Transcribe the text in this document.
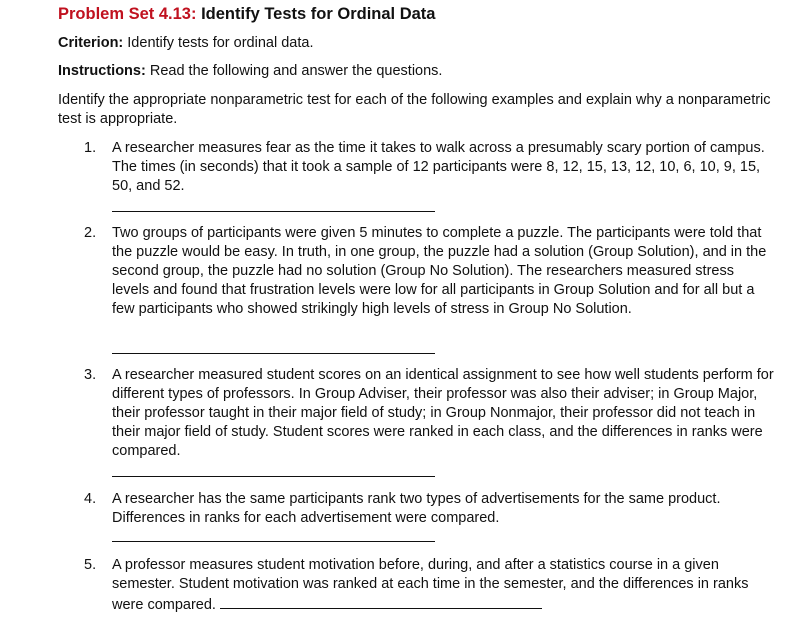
Problem Set 4.13: Identify Tests for Ordinal Data
Criterion: Identify tests for ordinal data.
Instructions: Read the following and answer the questions.
Identify the appropriate nonparametric test for each of the following examples and explain why a nonparametric test is appropriate.
1. A researcher measures fear as the time it takes to walk across a presumably scary portion of campus. The times (in seconds) that it took a sample of 12 participants were 8, 12, 15, 13, 12, 10, 6, 10, 9, 15, 50, and 52.
2. Two groups of participants were given 5 minutes to complete a puzzle. The participants were told that the puzzle would be easy. In truth, in one group, the puzzle had a solution (Group Solution), and in the second group, the puzzle had no solution (Group No Solution). The researchers measured stress levels and found that frustration levels were low for all participants in Group Solution and for all but a few participants who showed strikingly high levels of stress in Group No Solution.
3. A researcher measured student scores on an identical assignment to see how well students perform for different types of professors. In Group Adviser, their professor was also their adviser; in Group Major, their professor taught in their major field of study; in Group Nonmajor, their professor did not teach in their major field of study. Student scores were ranked in each class, and the differences in ranks were compared.
4. A researcher has the same participants rank two types of advertisements for the same product. Differences in ranks for each advertisement were compared.
5. A professor measures student motivation before, during, and after a statistics course in a given semester. Student motivation was ranked at each time in the semester, and the differences in ranks were compared.
